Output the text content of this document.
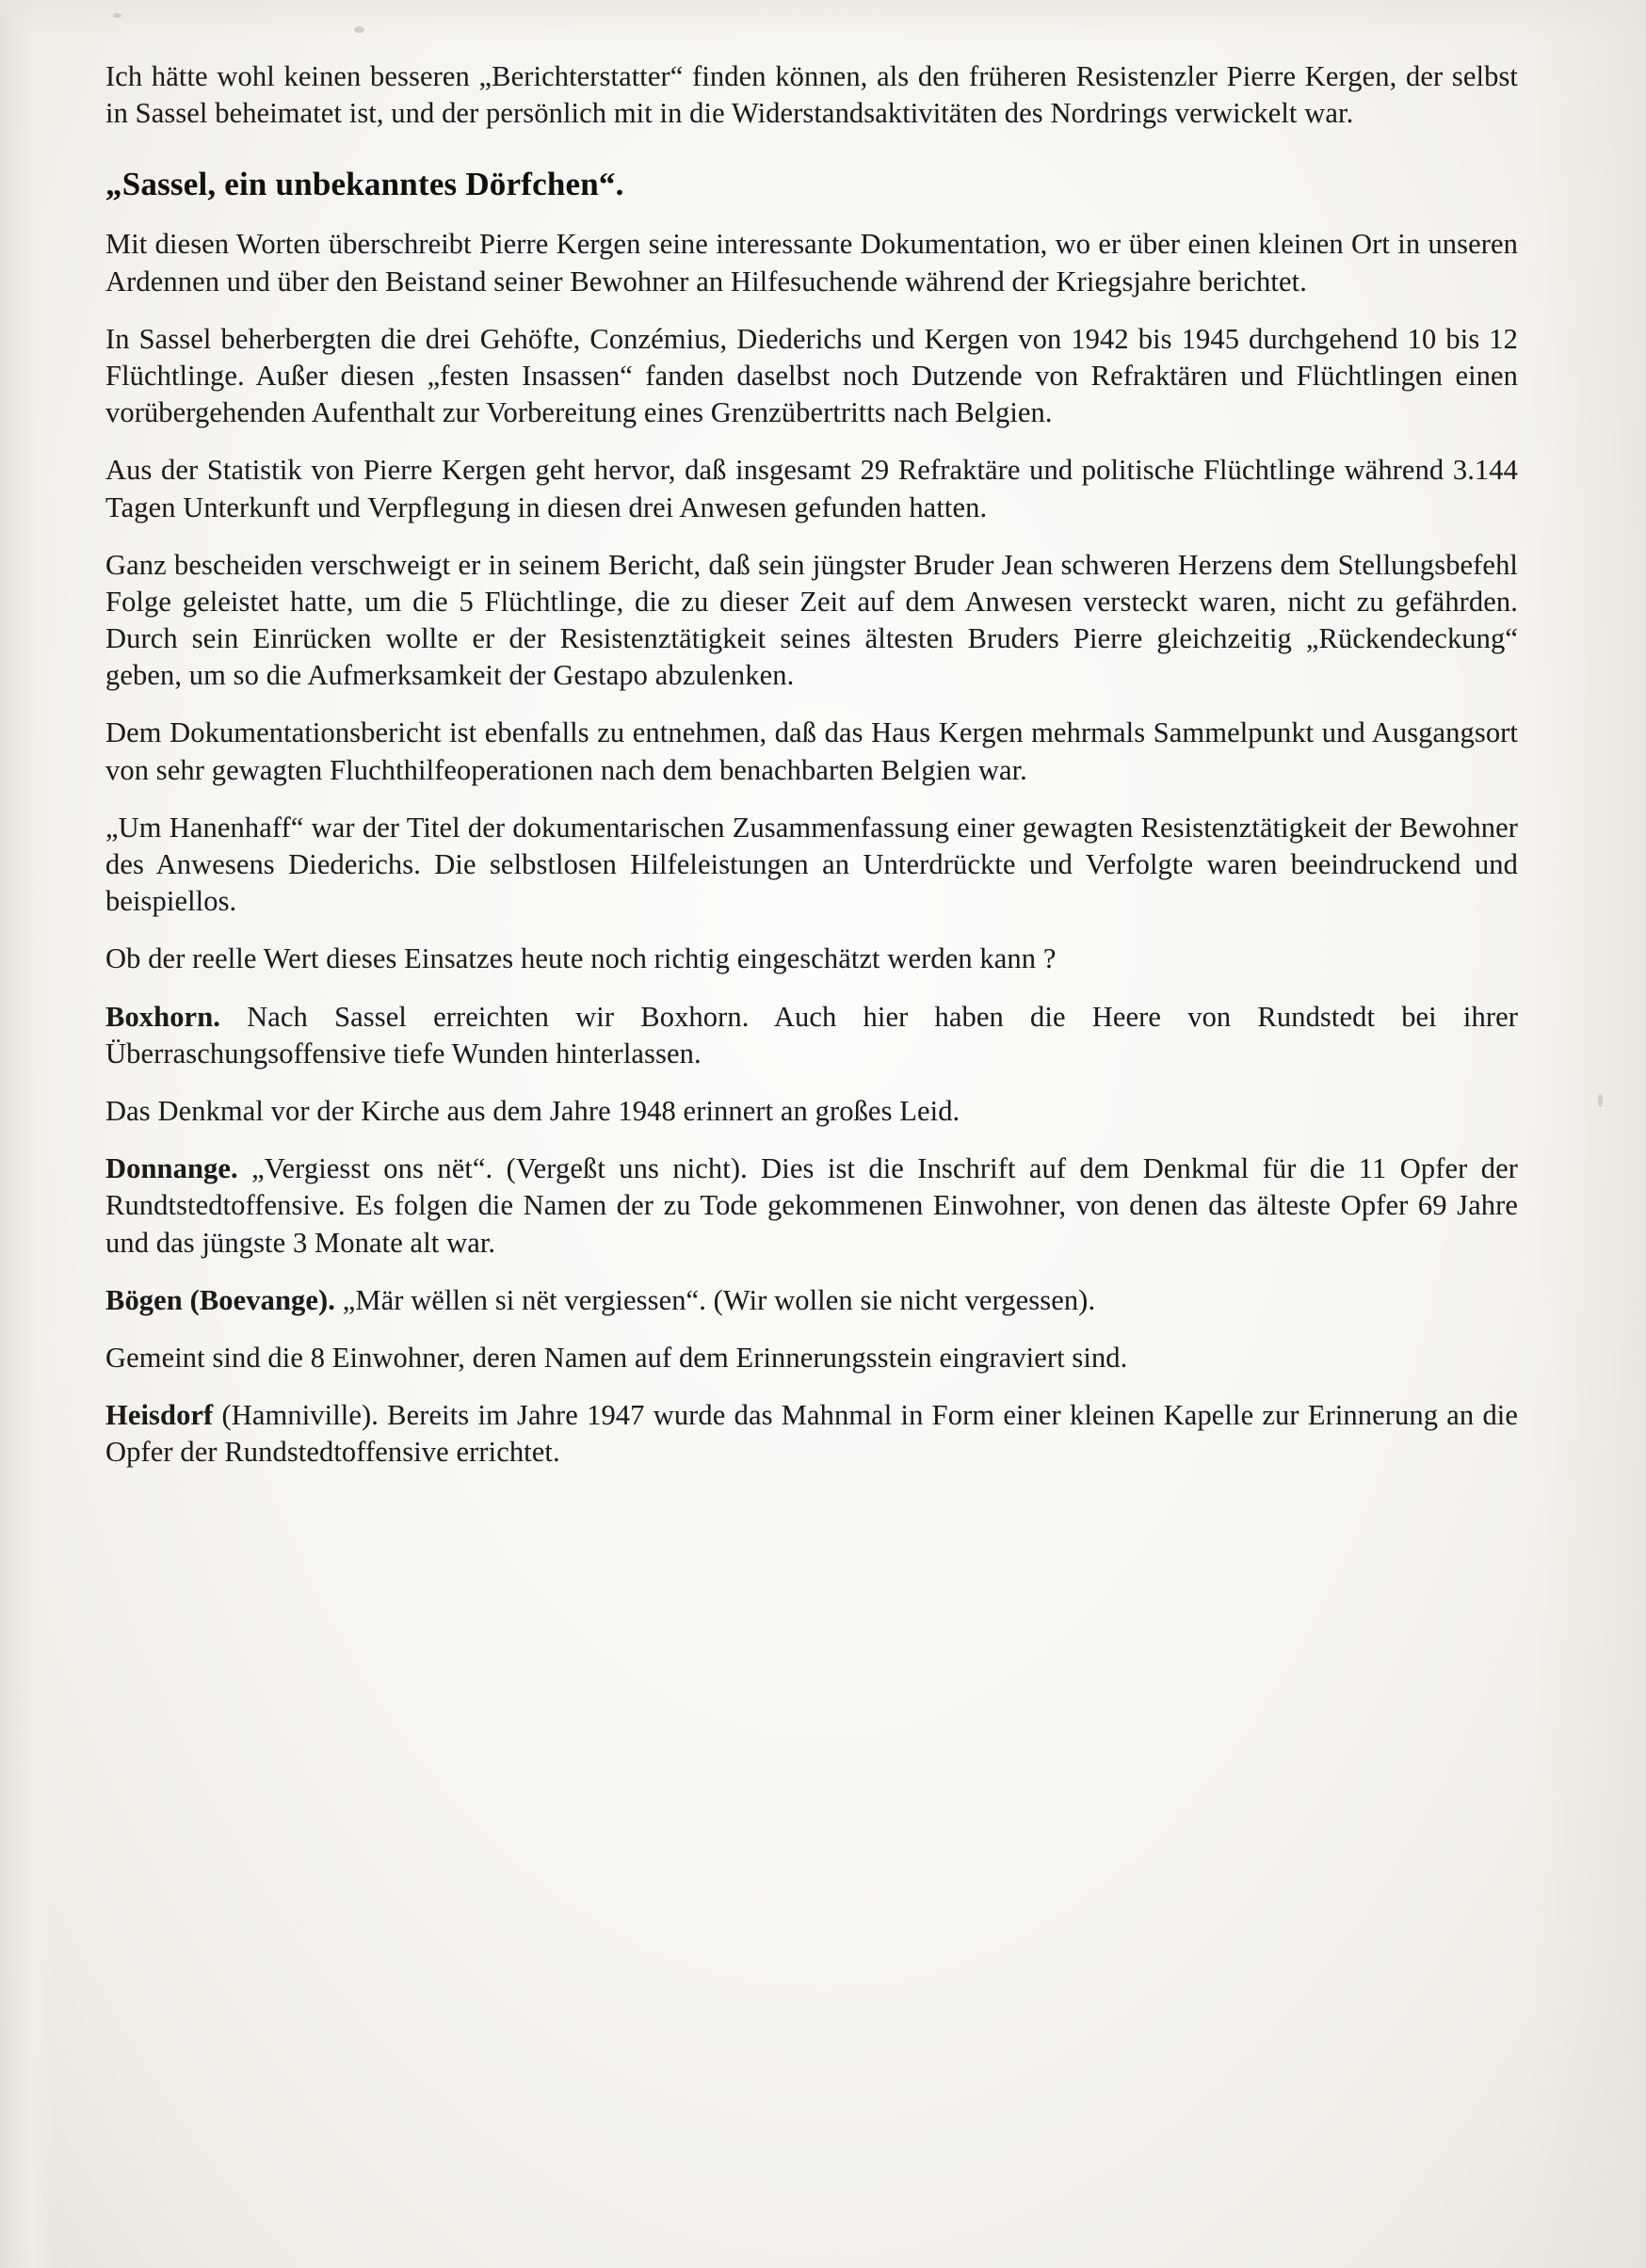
Ich hätte wohl keinen besseren „Berichterstatter“ finden können, als den früheren Resistenzler Pierre Kergen, der selbst in Sassel beheimatet ist, und der persönlich mit in die Widerstandsaktivitäten des Nordrings verwickelt war.

„Sassel, ein unbekanntes Dörfchen“.

Mit diesen Worten überschreibt Pierre Kergen seine interessante Dokumentation, wo er über einen kleinen Ort in unseren Ardennen und über den Beistand seiner Bewohner an Hilfesuchende während der Kriegsjahre berichtet.

In Sassel beherbergten die drei Gehöfte, Conzémius, Diederichs und Kergen von 1942 bis 1945 durchgehend 10 bis 12 Flüchtlinge. Außer diesen „festen Insassen“ fanden daselbst noch Dutzende von Refraktären und Flüchtlingen einen vorübergehenden Aufenthalt zur Vorbereitung eines Grenzübertritts nach Belgien.

Aus der Statistik von Pierre Kergen geht hervor, daß insgesamt 29 Refraktäre und politische Flüchtlinge während 3.144 Tagen Unterkunft und Verpflegung in diesen drei Anwesen gefunden hatten.

Ganz bescheiden verschweigt er in seinem Bericht, daß sein jüngster Bruder Jean schweren Herzens dem Stellungsbefehl Folge geleistet hatte, um die 5 Flüchtlinge, die zu dieser Zeit auf dem Anwesen versteckt waren, nicht zu gefährden. Durch sein Einrücken wollte er der Resistenztätigkeit seines ältesten Bruders Pierre gleichzeitig „Rückendeckung“ geben, um so die Aufmerksamkeit der Gestapo abzulenken.

Dem Dokumentationsbericht ist ebenfalls zu entnehmen, daß das Haus Kergen mehrmals Sammelpunkt und Ausgangsort von sehr gewagten Fluchthilfeoperationen nach dem benachbarten Belgien war.

„Um Hanenhaff“ war der Titel der dokumentarischen Zusammenfassung einer gewagten Resistenztätigkeit der Bewohner des Anwesens Diederichs. Die selbstlosen Hilfeleistungen an Unterdrückte und Verfolgte waren beeindruckend und beispiellos.

Ob der reelle Wert dieses Einsatzes heute noch richtig eingeschätzt werden kann ?

Boxhorn. Nach Sassel erreichten wir Boxhorn. Auch hier haben die Heere von Rundstedt bei ihrer Überraschungsoffensive tiefe Wunden hinterlassen.

Das Denkmal vor der Kirche aus dem Jahre 1948 erinnert an großes Leid.

Donnange. „Vergiesst ons nët“. (Vergeßt uns nicht). Dies ist die Inschrift auf dem Denkmal für die 11 Opfer der Rundtstedtoffensive. Es folgen die Namen der zu Tode gekommenen Einwohner, von denen das älteste Opfer 69 Jahre und das jüngste 3 Monate alt war.

Bögen (Boevange). „Mär wëllen si nët vergiessen“. (Wir wollen sie nicht vergessen).

Gemeint sind die 8 Einwohner, deren Namen auf dem Erinnerungsstein eingraviert sind.

Heisdorf (Hamniville). Bereits im Jahre 1947 wurde das Mahnmal in Form einer kleinen Kapelle zur Erinnerung an die Opfer der Rundstedtoffensive errichtet.
